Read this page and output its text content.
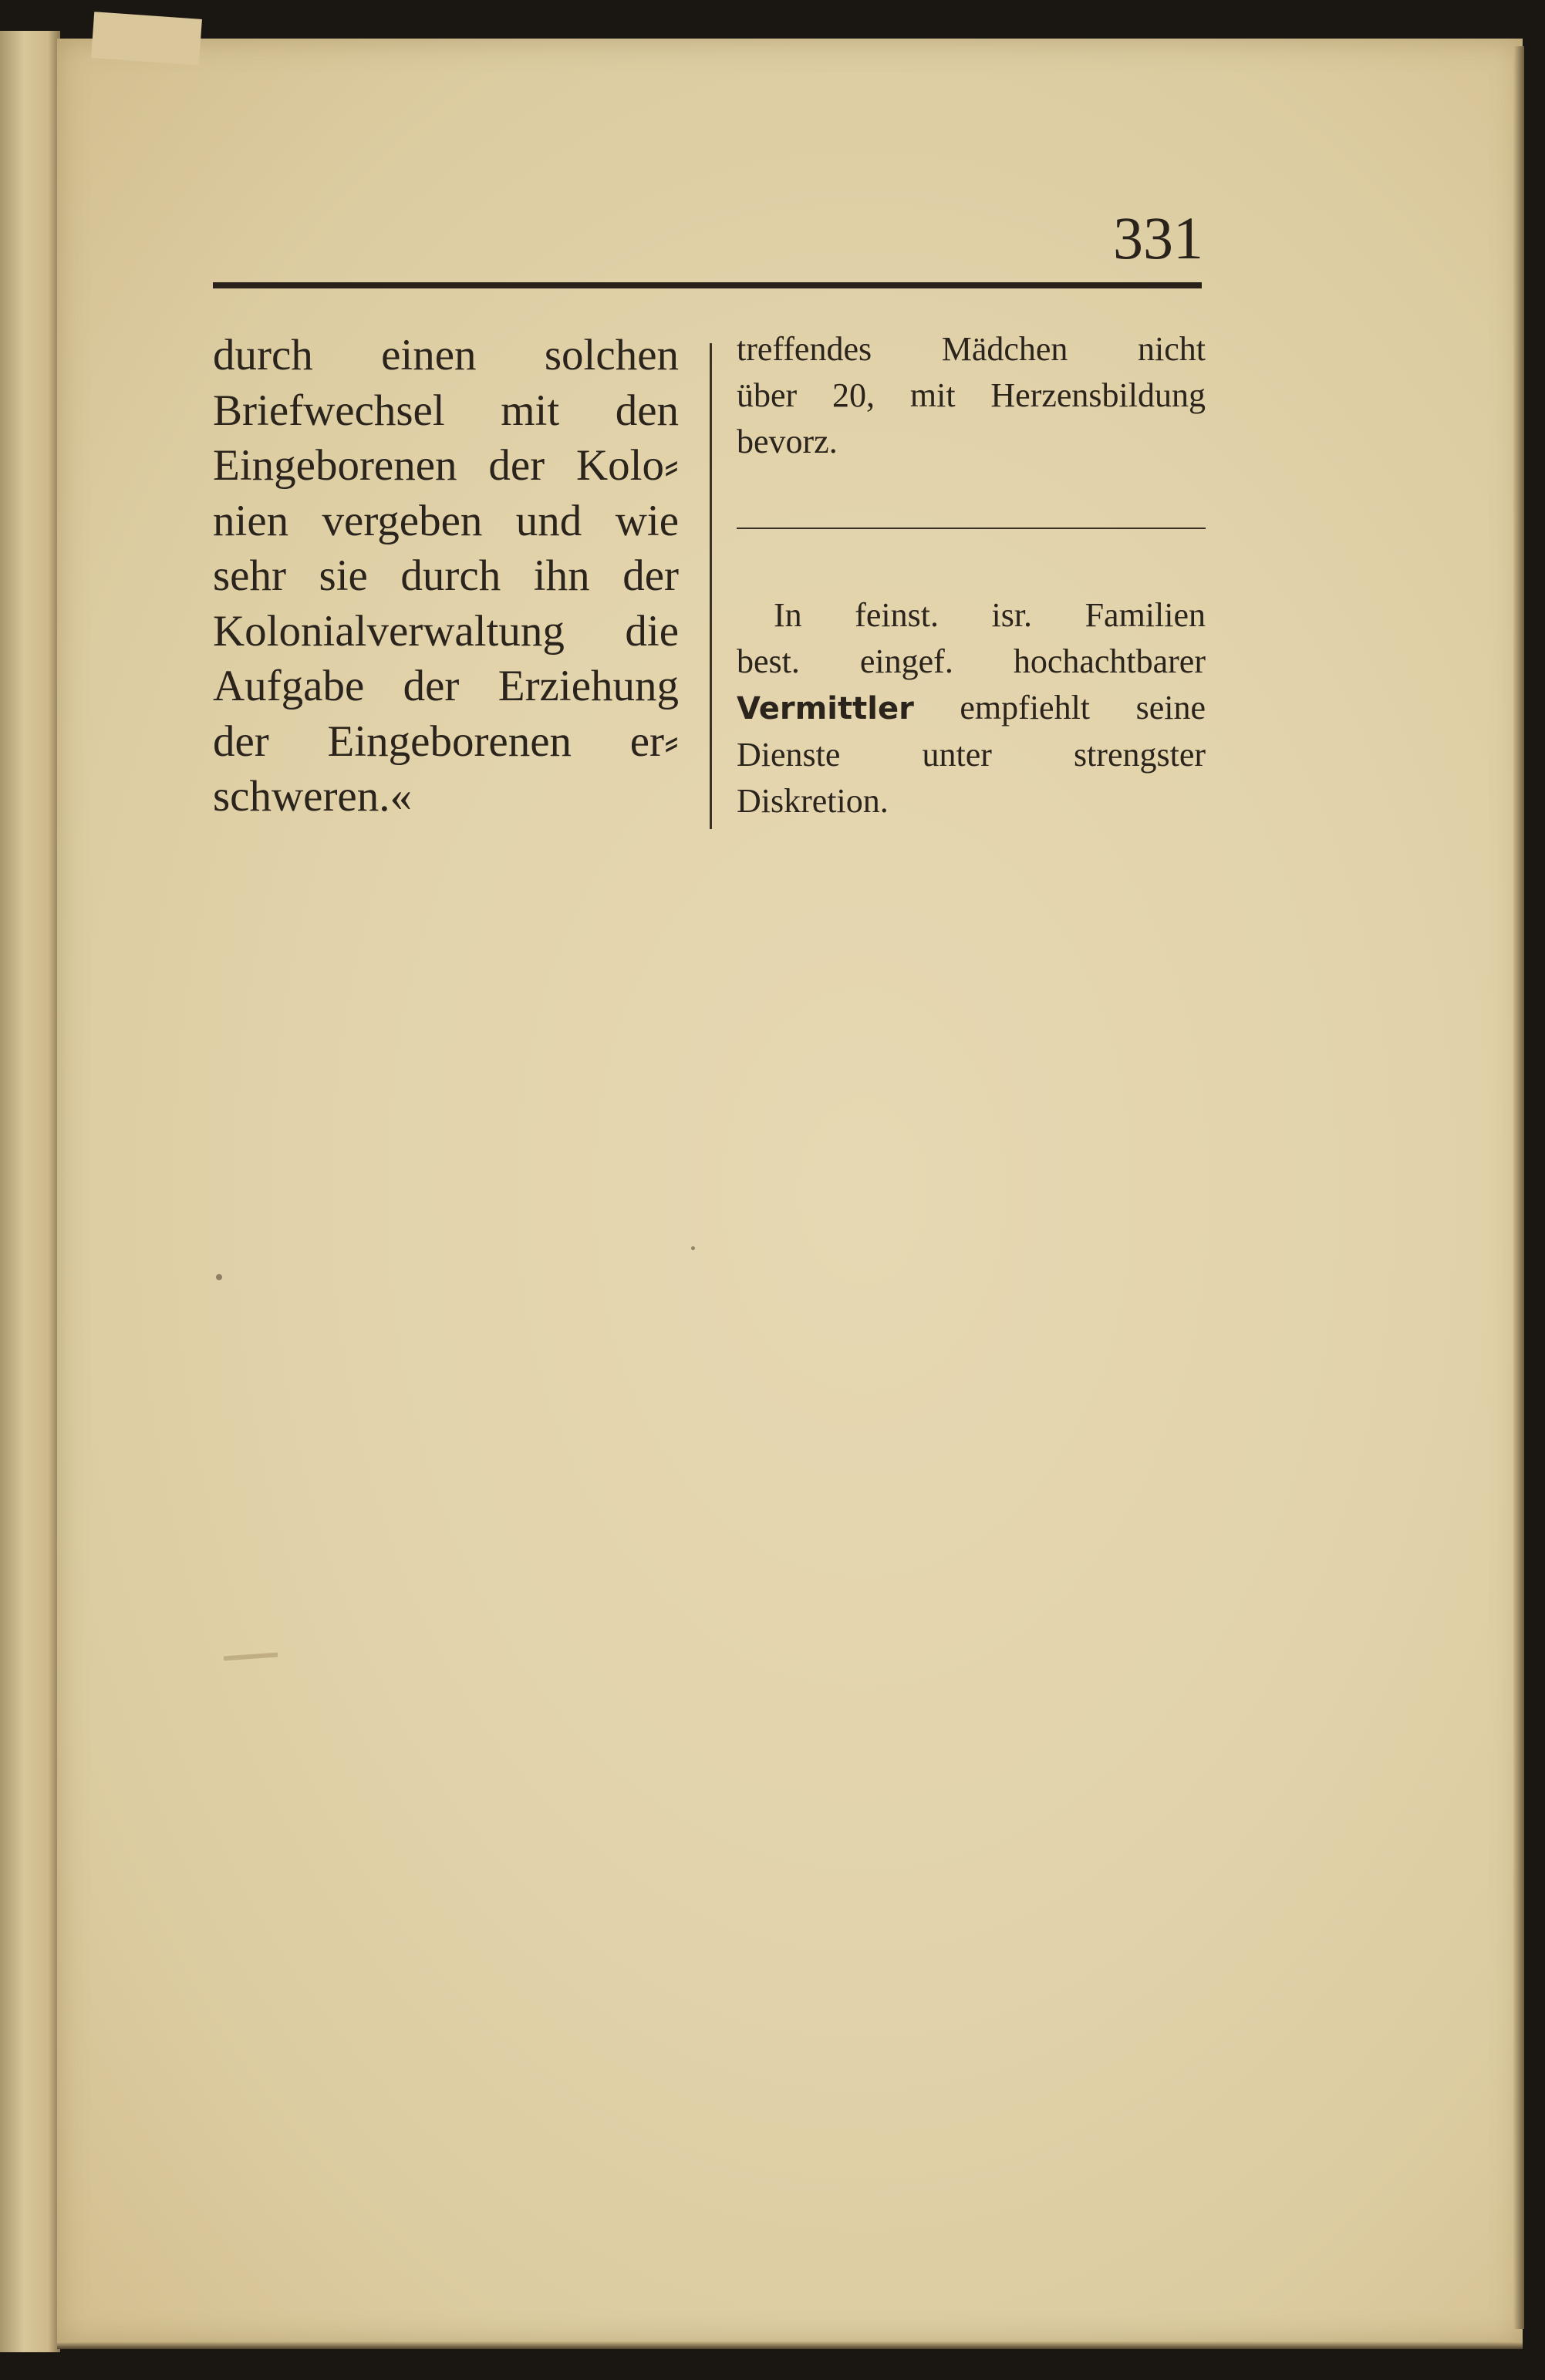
331
durch einen solchen
Briefwechsel mit den
Eingeborenen der Kolo⸗
nien vergeben und wie
sehr sie durch ihn der
Kolonialverwaltung die
Aufgabe der Erziehung
der Eingeborenen er⸗
schweren.«
treffendes Mädchen nicht
über 20, mit Herzensbildung
bevorz.
In feinst. isr. Familien
best. eingef. hochachtbarer
Vermittler empfiehlt seine
Dienste unter strengster
Diskretion.
